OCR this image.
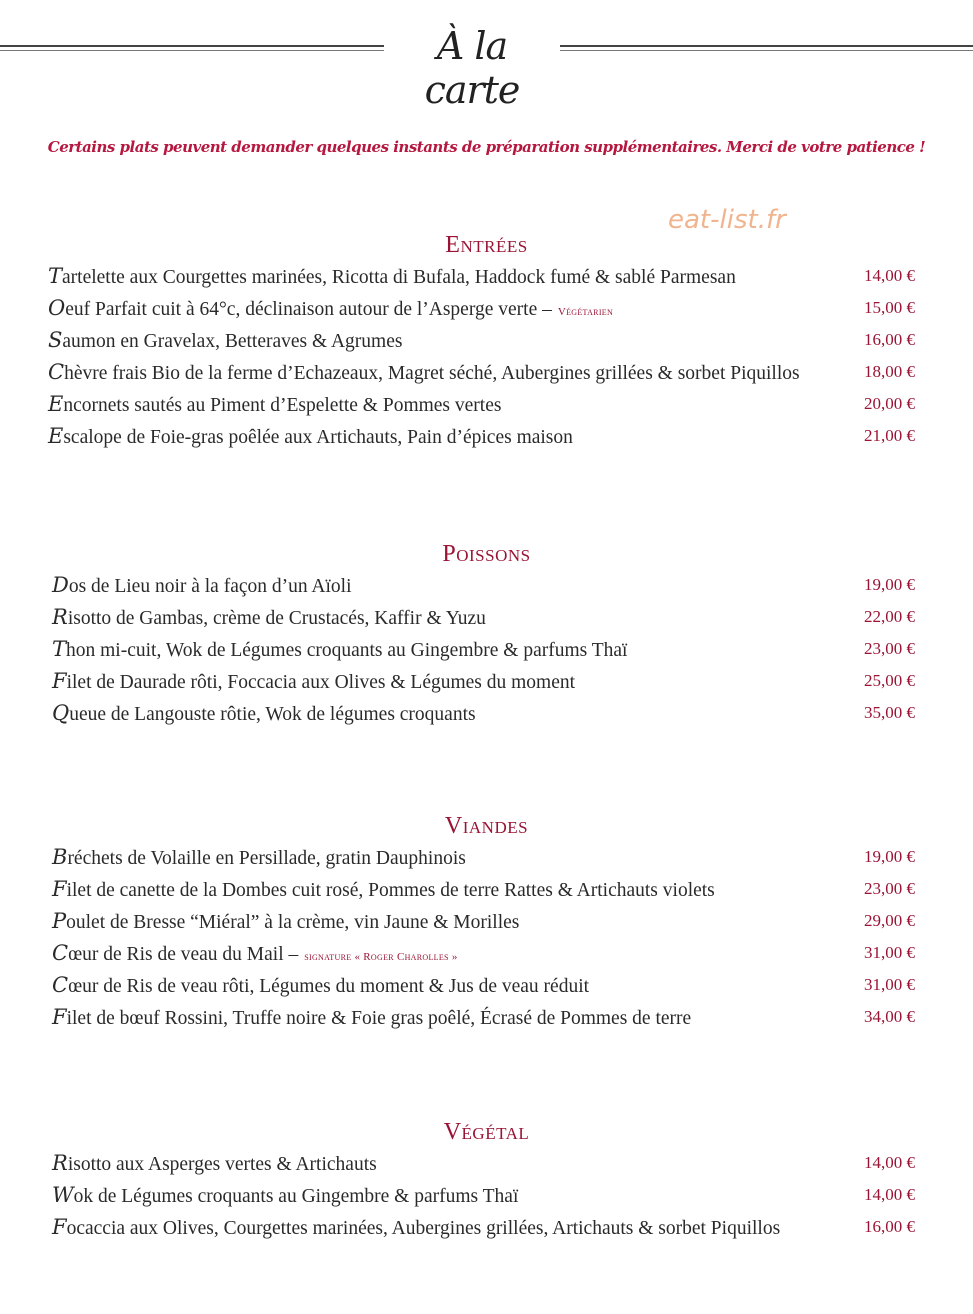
À la carte
Certains plats peuvent demander quelques instants de préparation supplémentaires. Merci de votre patience !
eat-list.fr
Entrées
Tartelette aux Courgettes marinées, Ricotta di Bufala, Haddock fumé & sablé Parmesan	14,00 €
Oeuf Parfait cuit à 64°c, déclinaison autour de l’Asperge verte – Végétarien	15,00 €
Saumon en Gravelax, Betteraves & Agrumes	16,00 €
Chèvre frais Bio de la ferme d’Echazeaux, Magret séché, Aubergines grillées & sorbet Piquillos	18,00 €
Encornets sautés au Piment d’Espelette & Pommes vertes	20,00 €
Escalope de Foie-gras poêlée aux Artichauts, Pain d’épices maison	21,00 €
Poissons
Dos de Lieu noir à la façon d’un Aïoli	19,00 €
Risotto de Gambas, crème de Crustacés, Kaffir & Yuzu	22,00 €
Thon mi-cuit, Wok de Légumes croquants au Gingembre & parfums Thaï	23,00 €
Filet de Daurade rôti, Foccacia aux Olives & Légumes du moment	25,00 €
Queue de Langouste rôtie, Wok de légumes croquants	35,00 €
Viandes
Bréchets de Volaille en Persillade, gratin Dauphinois	19,00 €
Filet de canette de la Dombes cuit rosé, Pommes de terre Rattes & Artichauts violets	23,00 €
Poulet de Bresse “Miéral” à la crème, vin Jaune & Morilles	29,00 €
Cœur de Ris de veau du Mail – signature « Roger Charolles »	31,00 €
Cœur de Ris de veau rôti, Légumes du moment & Jus de veau réduit	31,00 €
Filet de bœuf Rossini, Truffe noire & Foie gras poêlé, Écrasé de Pommes de terre	34,00 €
Végétal
Risotto aux Asperges vertes & Artichauts	14,00 €
Wok de Légumes croquants au Gingembre & parfums Thaï	14,00 €
Focaccia aux Olives, Courgettes marinées, Aubergines grillées, Artichauts & sorbet Piquillos	16,00 €
